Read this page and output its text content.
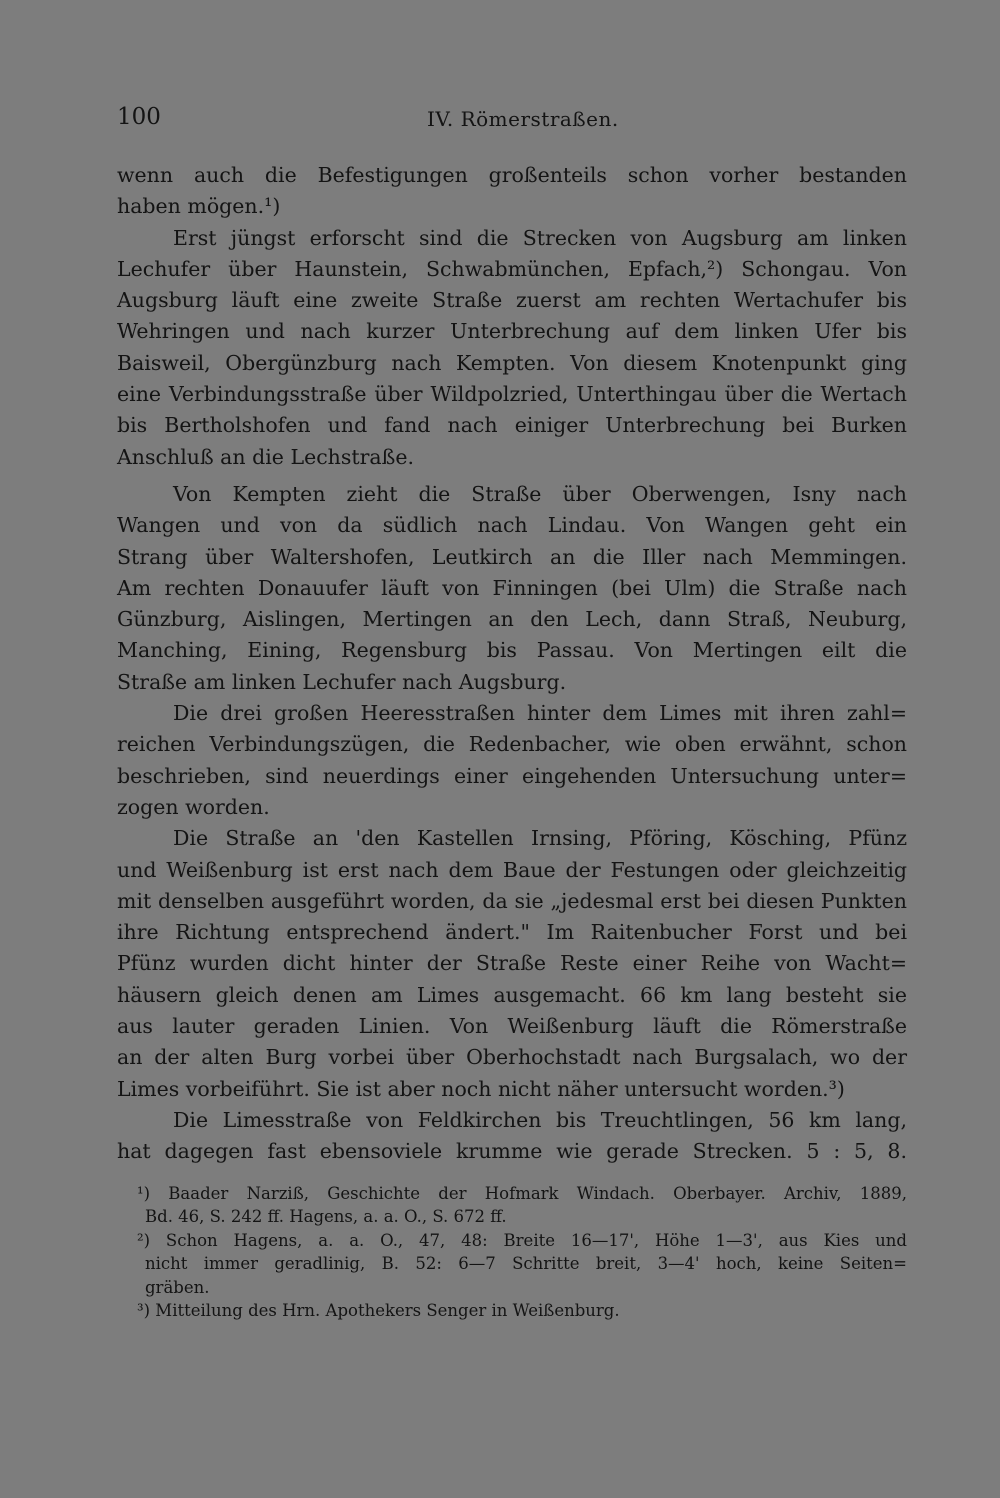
100	IV. Römerstraßen.
wenn auch die Befestigungen großenteils schon vorher bestanden
haben mögen.¹)
Erst jüngst erforscht sind die Strecken von Augsburg am linken
Lechufer über Haunstein, Schwabmünchen, Epfach,²) Schongau. Von
Augsburg läuft eine zweite Straße zuerst am rechten Wertachufer bis
Wehringen und nach kurzer Unterbrechung auf dem linken Ufer bis
Baisweil, Obergünzburg nach Kempten. Von diesem Knotenpunkt ging
eine Verbindungsstraße über Wildpolzried, Unterthingau über die Wertach
bis Bertholshofen und fand nach einiger Unterbrechung bei Burken
Anschluß an die Lechstraße.
Von Kempten zieht die Straße über Oberwengen, Isny nach
Wangen und von da südlich nach Lindau. Von Wangen geht ein
Strang über Waltershofen, Leutkirch an die Iller nach Memmingen.
Am rechten Donauufer läuft von Finningen (bei Ulm) die Straße nach
Günzburg, Aislingen, Mertingen an den Lech, dann Straß, Neuburg,
Manching, Eining, Regensburg bis Passau. Von Mertingen eilt die
Straße am linken Lechufer nach Augsburg.
Die drei großen Heeresstraßen hinter dem Limes mit ihren zahl=
reichen Verbindungszügen, die Redenbacher, wie oben erwähnt, schon
beschrieben, sind neuerdings einer eingehenden Untersuchung unter=
zogen worden.
Die Straße an 'den Kastellen Irnsing, Pföring, Kösching, Pfünz
und Weißenburg ist erst nach dem Baue der Festungen oder gleichzeitig
mit denselben ausgeführt worden, da sie „jedesmal erst bei diesen Punkten
ihre Richtung entsprechend ändert." Im Raitenbucher Forst und bei
Pfünz wurden dicht hinter der Straße Reste einer Reihe von Wacht=
häusern gleich denen am Limes ausgemacht. 66 km lang besteht sie
aus lauter geraden Linien. Von Weißenburg läuft die Römerstraße
an der alten Burg vorbei über Oberhochstadt nach Burgsalach, wo der
Limes vorbeiführt. Sie ist aber noch nicht näher untersucht worden.³)
Die Limesstraße von Feldkirchen bis Treuchtlingen, 56 km lang,
hat dagegen fast ebensoviele krumme wie gerade Strecken. 5 : 5, 8.
¹) Baader Narziß, Geschichte der Hofmark Windach. Oberbayer. Archiv, 1889,
Bd. 46, S. 242 ff. Hagens, a. a. O., S. 672 ff.
²) Schon Hagens, a. a. O., 47, 48: Breite 16—17', Höhe 1—3', aus Kies und
nicht immer geradlinig, B. 52: 6—7 Schritte breit, 3—4' hoch, keine Seiten=
gräben.
³) Mitteilung des Hrn. Apothekers Senger in Weißenburg.
